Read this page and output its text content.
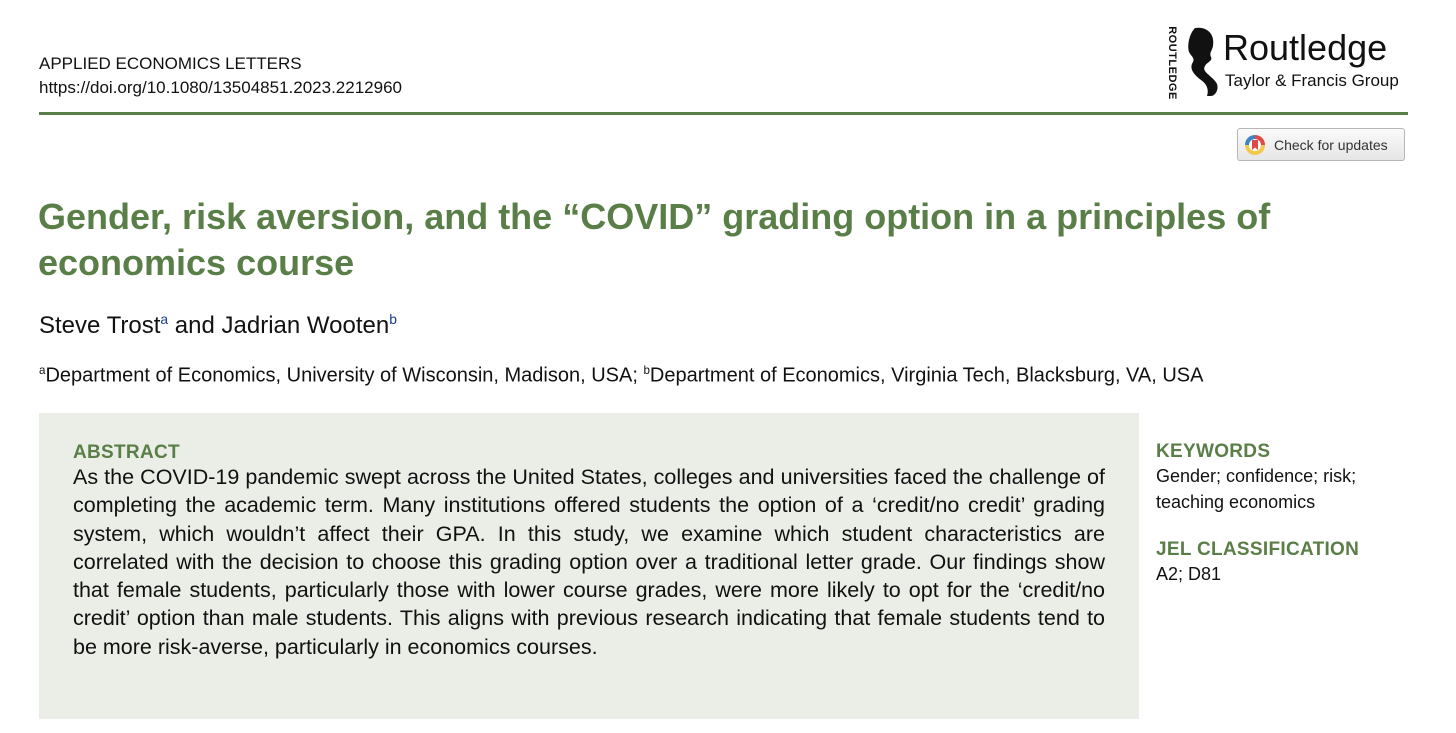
APPLIED ECONOMICS LETTERS
https://doi.org/10.1080/13504851.2023.2212960	ROUTLEDGE Routledge
Taylor & Francis Group
Check for updates
Gender, risk aversion, and the “COVID” grading option in a principles of economics course
Steve Trost$^a$ and Jadrian Wooten$^b$
$^a$Department of Economics, University of Wisconsin, Madison, USA; $^b$Department of Economics, Virginia Tech, Blacksburg, VA, USA
ABSTRACT
As the COVID-19 pandemic swept across the United States, colleges and universities faced the challenge of completing the academic term. Many institutions offered students the option of a ‘credit/no credit’ grading system, which wouldn’t affect their GPA. In this study, we examine which student characteristics are correlated with the decision to choose this grading option over a traditional letter grade. Our findings show that female students, particularly those with lower course grades, were more likely to opt for the ‘credit/no credit’ option than male students. This aligns with previous research indicating that female students tend to be more risk-averse, particularly in economics courses.
KEYWORDS
Gender; confidence; risk; teaching economics
JEL CLASSIFICATION
A2; D81
